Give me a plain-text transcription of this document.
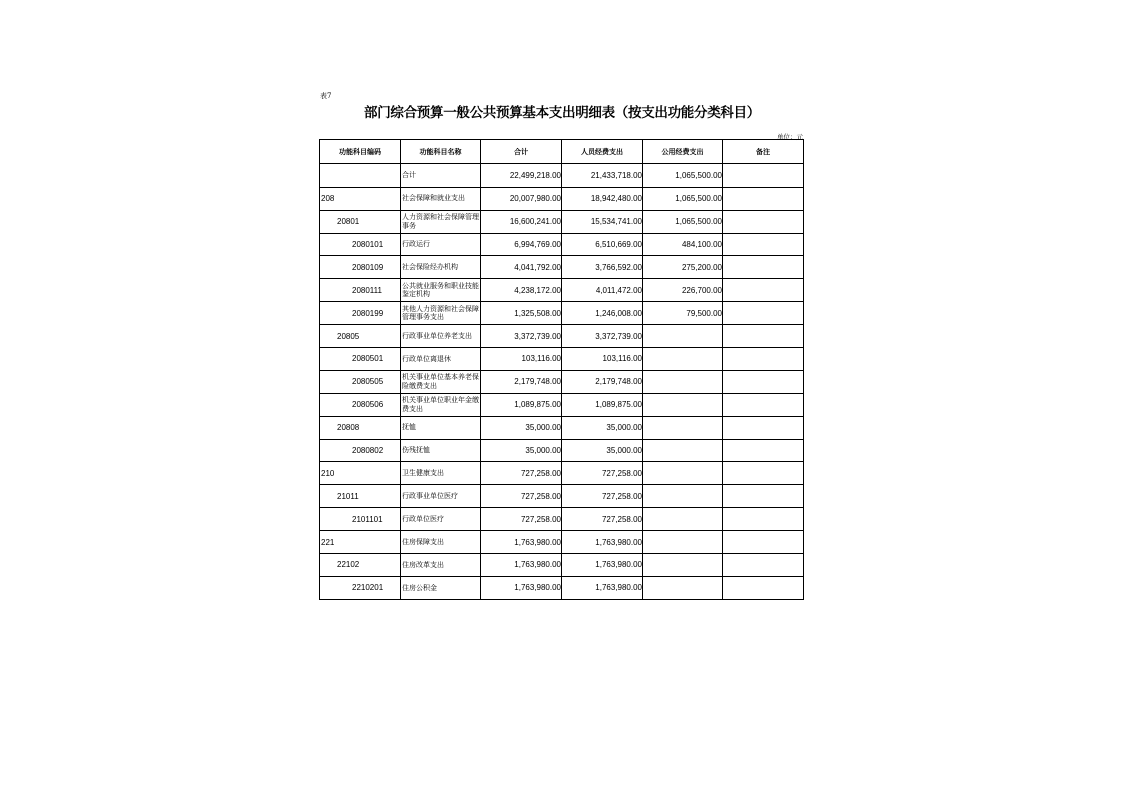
表7
部门综合预算一般公共预算基本支出明细表（按支出功能分类科目）
单位：元
功能科目编码	功能科目名称	合计	人员经费支出	公用经费支出	备注
	合计	22,499,218.00	21,433,718.00	1,065,500.00	
208	社会保障和就业支出	20,007,980.00	18,942,480.00	1,065,500.00	
20801	人力资源和社会保障管理事务	16,600,241.00	15,534,741.00	1,065,500.00	
2080101	行政运行	6,994,769.00	6,510,669.00	484,100.00	
2080109	社会保险经办机构	4,041,792.00	3,766,592.00	275,200.00	
2080111	公共就业服务和职业技能鉴定机构	4,238,172.00	4,011,472.00	226,700.00	
2080199	其他人力资源和社会保障管理事务支出	1,325,508.00	1,246,008.00	79,500.00	
20805	行政事业单位养老支出	3,372,739.00	3,372,739.00		
2080501	行政单位离退休	103,116.00	103,116.00		
2080505	机关事业单位基本养老保险缴费支出	2,179,748.00	2,179,748.00		
2080506	机关事业单位职业年金缴费支出	1,089,875.00	1,089,875.00		
20808	抚恤	35,000.00	35,000.00		
2080802	伤残抚恤	35,000.00	35,000.00		
210	卫生健康支出	727,258.00	727,258.00		
21011	行政事业单位医疗	727,258.00	727,258.00		
2101101	行政单位医疗	727,258.00	727,258.00		
221	住房保障支出	1,763,980.00	1,763,980.00		
22102	住房改革支出	1,763,980.00	1,763,980.00		
2210201	住房公积金	1,763,980.00	1,763,980.00		
